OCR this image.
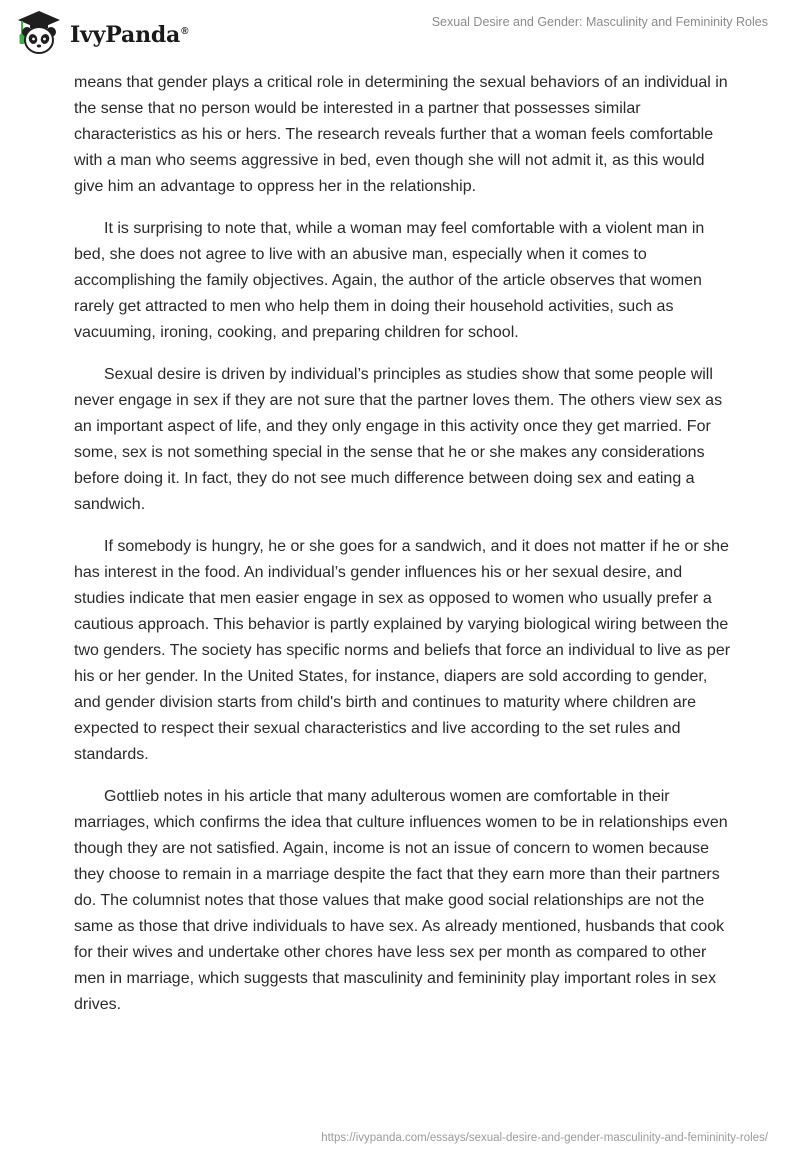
IvyPanda®
Sexual Desire and Gender: Masculinity and Femininity Roles

means that gender plays a critical role in determining the sexual behaviors of an individual in the sense that no person would be interested in a partner that possesses similar characteristics as his or hers. The research reveals further that a woman feels comfortable with a man who seems aggressive in bed, even though she will not admit it, as this would give him an advantage to oppress her in the relationship.

It is surprising to note that, while a woman may feel comfortable with a violent man in bed, she does not agree to live with an abusive man, especially when it comes to accomplishing the family objectives. Again, the author of the article observes that women rarely get attracted to men who help them in doing their household activities, such as vacuuming, ironing, cooking, and preparing children for school.

Sexual desire is driven by individual’s principles as studies show that some people will never engage in sex if they are not sure that the partner loves them. The others view sex as an important aspect of life, and they only engage in this activity once they get married. For some, sex is not something special in the sense that he or she makes any considerations before doing it. In fact, they do not see much difference between doing sex and eating a sandwich.

If somebody is hungry, he or she goes for a sandwich, and it does not matter if he or she has interest in the food. An individual’s gender influences his or her sexual desire, and studies indicate that men easier engage in sex as opposed to women who usually prefer a cautious approach. This behavior is partly explained by varying biological wiring between the two genders. The society has specific norms and beliefs that force an individual to live as per his or her gender. In the United States, for instance, diapers are sold according to gender, and gender division starts from child's birth and continues to maturity where children are expected to respect their sexual characteristics and live according to the set rules and standards.

Gottlieb notes in his article that many adulterous women are comfortable in their marriages, which confirms the idea that culture influences women to be in relationships even though they are not satisfied. Again, income is not an issue of concern to women because they choose to remain in a marriage despite the fact that they earn more than their partners do. The columnist notes that those values that make good social relationships are not the same as those that drive individuals to have sex. As already mentioned, husbands that cook for their wives and undertake other chores have less sex per month as compared to other men in marriage, which suggests that masculinity and femininity play important roles in sex drives.

https://ivypanda.com/essays/sexual-desire-and-gender-masculinity-and-femininity-roles/
